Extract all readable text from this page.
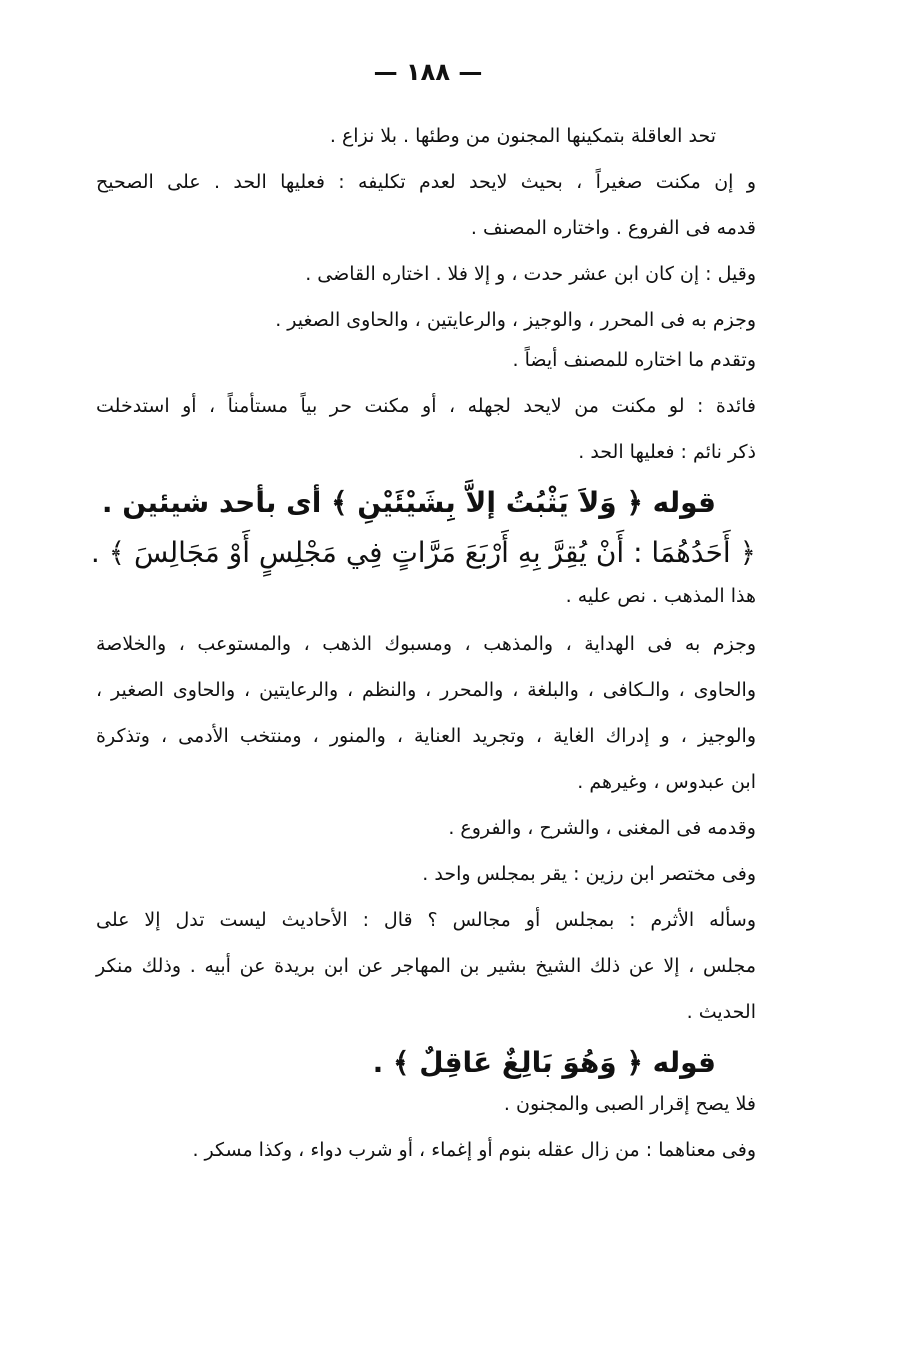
— ١٨٨ —
تحد العاقلة بتمكينها المجنون من وطئها . بلا نزاع .
و إن مكنت صغيراً ، بحيث لايحد لعدم تكليفه : فعليها الحد . على الصحيح
قدمه فى الفروع . واختاره المصنف .
وقيل : إن كان ابن عشر حدت ، و إلا فلا . اختاره القاضى .
وجزم به فى المحرر ، والوجيز ، والرعايتين ، والحاوى الصغير .
وتقدم ما اختاره للمصنف أيضاً .
فائدة : لو مكنت من لايحد لجهله ، أو مكنت حر بياً مستأمناً ، أو استدخلت
ذكر نائم : فعليها الحد .
قوله ﴿ وَلاَ يَثْبُتُ إلاَّ بِشَيْئَيْنِ ﴾ أى بأحد شيئين .
﴿ أَحَدُهُمَا : أَنْ يُقِرَّ بِهِ أَرْبَعَ مَرَّاتٍ فِي مَجْلِسٍ أَوْ مَجَالِسَ ﴾ .
هذا المذهب . نص عليه .
وجزم به فى الهداية ، والمذهب ، ومسبوك الذهب ، والمستوعب ، والخلاصة
والحاوى ، والـكافى ، والبلغة ، والمحرر ، والنظم ، والرعايتين ، والحاوى الصغير ،
والوجيز ، و إدراك الغاية ، وتجريد العناية ، والمنور ، ومنتخب الأدمى ، وتذكرة
ابن عبدوس ، وغيرهم .
وقدمه فى المغنى ، والشرح ، والفروع .
وفى مختصر ابن رزين : يقر بمجلس واحد .
وسأله الأثرم : بمجلس أو مجالس ؟ قال : الأحاديث ليست تدل إلا على
مجلس ، إلا عن ذلك الشيخ بشير بن المهاجر عن ابن بريدة عن أبيه . وذلك منكر
الحديث .
قوله ﴿ وَهُوَ بَالِغٌ عَاقِلٌ ﴾ .
فلا يصح إقرار الصبى والمجنون .
وفى معناهما : من زال عقله بنوم أو إغماء ، أو شرب دواء ، وكذا مسكر .
